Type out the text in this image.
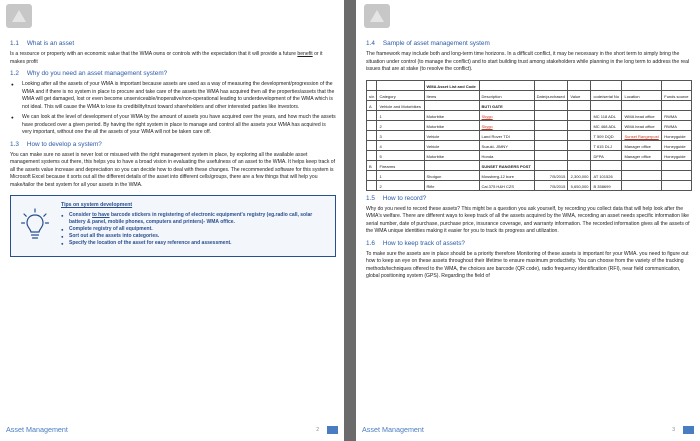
1.1 What is an asset

Is a resource or property with an economic value that the WMA owns or controls with the expectation that it will provide a future benefit or it makes profit

1.2 Why do you need an asset management system?
● Looking after all the assets of your WMA is important because assets are used as a way of measuring the development/progression of the WMA and if there is no system in place to procure and take care of the assets the WMA has acquired then all the properties/assets that the WMA will get damaged, lost or even become unserviceable/inoperative/non-operational leading to underdevelopment of the WMA which is not ideal. This will cause the WMA to lose its credibility/trust toward shareholders and other interested parties like investors.
● We can look at the level of development of your WMA by the amount of assets you have acquired over the years, and how much the assets have produced over a given period. By having the right system in place to manage and control all the assets your WMA has acquired is very important, without one the all the assets of your WMA will not be taken care off.
1.3 How to develop a system?

You can make sure no asset is never lost or misused with the right management system in place, by exploring all the available asset management systems out there, this helps you to have a broad vision in evaluating the usefulness of an asset to the WMA. It helps keep track of all the assets value increase and depreciation so you can decide how to deal with these changes. The recommended software for this system is Microsoft Excel because it sorts out all the different details of the asset into different cells/groups, there are a few things that will help you make/tailor the best system for all your assets in the WMA.

Tips on system development
● Consider to have barcode stickers in registering of electronic equipment's registry (eg.radio call, solar battery & panel, mobile phones, computers and printers)- WMA office.
● Complete registry of all equipment.
● Sort out all the assets into categories.
● Specify the location of the asset for easy reference and assessment.
Asset Management	2
1.4 Sample of asset management system

The framework may include both and long-term time horizons. In a difficult conflict, it may be necessary in the short term to simply bring the situation under control (to manage the conflict) and to start building trust among stakeholders while planning in the long term to address the real issues that are at stake (to resolve the conflict).

		WMA Asset List and Code						
s/n	Category	Items	Description	Date/purchased	Value	code/serial No	Location	Funds source
A	Vehicle and Motorbikes		BUTI GATE					
	1	Motorbike	Skygo			MC 118 ADL	WMA head office	RWMA
	2	Motorbike	Skygo			MC 468 ADL	WMA head office	RWMA
	3	Vehicle	Land Rover TDI			T 509 DQD	Sunset Rangerpost	Honeyguide
	4	Vehicle	Suzuki- JIMNY			T 615 DLJ	Manager office	Honeyguide
	5	Motorbike	Honda			DFPA	Manager office	Honeyguide
B	Firearms		SUNSET RANGERS POST					
	1	Shotgun	Mossberg-12 bore	7/5/2015	2,300,000	AT 101526		
	2	Rifle	Cal.375 H&H CZS	7/5/2015	5,650,000	B 358699		
1.5 How to record?

Why do you need to record these assets? This might be a question you ask yourself, by recording you collect data that will help look after the WMA's welfare. There are different ways to keep track of all the assets acquired by the WMA, recording an asset needs specific information like serial number, date of purchase, purchase price, insurance coverage, and warranty information. The recorded information gives all the assets of the WMA unique identities making it easier for you to track its progress and utilization.

1.6 How to keep track of assets?

To make sure the assets are in place should be a priority therefore Monitoring of these assets is important for your WMA. you need to figure out how to keep an eye on these assets throughout their lifetime to ensure maximum productivity. You can choose from the variety of the tracking methods/techniques offered to the WMA, the choices are barcode (QR code), radio frequency identification (RFI), near field communication, global positioning system (GPS). Regarding the field of

Asset Management	3
